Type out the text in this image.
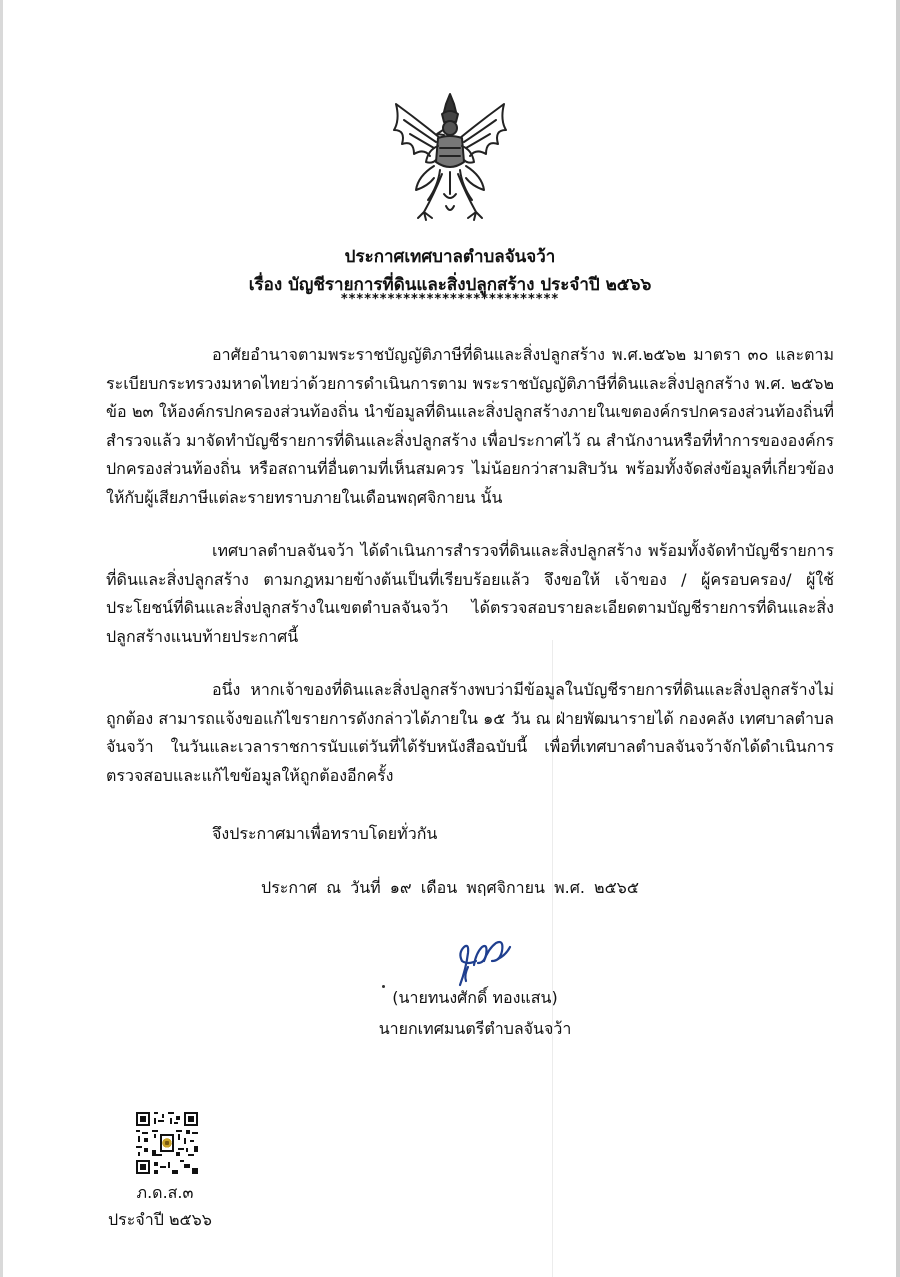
ประกาศเทศบาลตำบลจันจว้า
เรื่อง บัญชีรายการที่ดินและสิ่งปลูกสร้าง ประจำปี ๒๕๖๖
****************************

อาศัยอำนาจตามพระราชบัญญัติภาษีที่ดินและสิ่งปลูกสร้าง พ.ศ.๒๕๖๒ มาตรา ๓๐ และตามระเบียบกระทรวงมหาดไทยว่าด้วยการดำเนินการตาม พระราชบัญญัติภาษีที่ดินและสิ่งปลูกสร้าง พ.ศ. ๒๕๖๒ ข้อ ๒๓ ให้องค์กรปกครองส่วนท้องถิ่น นำข้อมูลที่ดินและสิ่งปลูกสร้างภายในเขตองค์กรปกครองส่วนท้องถิ่นที่สำรวจแล้ว มาจัดทำบัญชีรายการที่ดินและสิ่งปลูกสร้าง เพื่อประกาศไว้ ณ สำนักงานหรือที่ทำการขององค์กรปกครองส่วนท้องถิ่น หรือสถานที่อื่นตามที่เห็นสมควร ไม่น้อยกว่าสามสิบวัน พร้อมทั้งจัดส่งข้อมูลที่เกี่ยวข้องให้กับผู้เสียภาษีแต่ละรายทราบภายในเดือนพฤศจิกายน นั้น

เทศบาลตำบลจันจว้า ได้ดำเนินการสำรวจที่ดินและสิ่งปลูกสร้าง พร้อมทั้งจัดทำบัญชีรายการที่ดินและสิ่งปลูกสร้าง ตามกฎหมายข้างต้นเป็นที่เรียบร้อยแล้ว จึงขอให้ เจ้าของ / ผู้ครอบครอง/ ผู้ใช้ประโยชน์ที่ดินและสิ่งปลูกสร้างในเขตตำบลจันจว้า ได้ตรวจสอบรายละเอียดตามบัญชีรายการที่ดินและสิ่งปลูกสร้างแนบท้ายประกาศนี้

อนึ่ง หากเจ้าของที่ดินและสิ่งปลูกสร้างพบว่ามีข้อมูลในบัญชีรายการที่ดินและสิ่งปลูกสร้างไม่ถูกต้อง สามารถแจ้งขอแก้ไขรายการดังกล่าวได้ภายใน ๑๕ วัน ณ ฝ่ายพัฒนารายได้ กองคลัง เทศบาลตำบลจันจว้า ในวันและเวลาราชการนับแต่วันที่ได้รับหนังสือฉบับนี้ เพื่อที่เทศบาลตำบลจันจว้าจักได้ดำเนินการตรวจสอบและแก้ไขข้อมูลให้ถูกต้องอีกครั้ง

จึงประกาศมาเพื่อทราบโดยทั่วกัน
ประกาศ ณ วันที่ ๑๙ เดือน พฤศจิกายน พ.ศ. ๒๕๖๕
(นายทนงศักดิ์ ทองแสน)
นายกเทศมนตรีตำบลจันจว้า
ภ.ด.ส.๓
ประจำปี ๒๕๖๖
